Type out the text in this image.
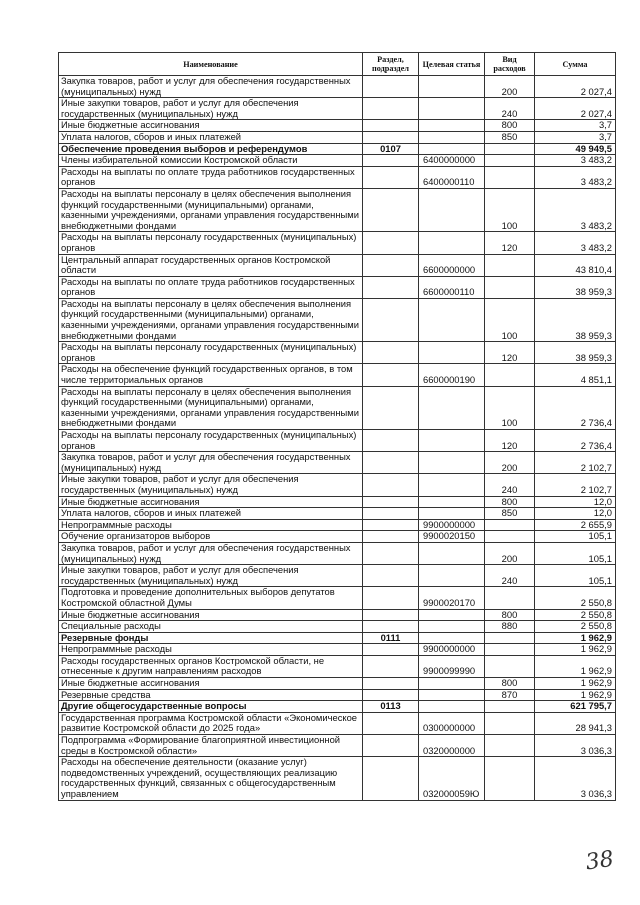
Наименование	Раздел, подраздел	Целевая статья	Вид расходов	Сумма
Закупка товаров, работ и услуг для обеспечения государственных (муниципальных) нужд			200	2 027,4
Иные закупки товаров, работ и услуг для обеспечения государственных (муниципальных) нужд			240	2 027,4
Иные бюджетные ассигнования			800	3,7
Уплата налогов, сборов и иных платежей			850	3,7
Обеспечение проведения выборов и референдумов	0107			49 949,5
Члены избирательной комиссии Костромской области		6400000000		3 483,2
Расходы на выплаты по оплате труда работников государственных органов		6400000110		3 483,2
Расходы на выплаты персоналу в целях обеспечения выполнения функций государственными (муниципальными) органами, казенными учреждениями, органами управления государственными внебюджетными фондами			100	3 483,2
Расходы на выплаты персоналу государственных (муниципальных) органов			120	3 483,2
Центральный аппарат государственных органов Костромской области		6600000000		43 810,4
Расходы на выплаты по оплате труда работников государственных органов		6600000110		38 959,3
Расходы на выплаты персоналу в целях обеспечения выполнения функций государственными (муниципальными) органами, казенными учреждениями, органами управления государственными внебюджетными фондами			100	38 959,3
Расходы на выплаты персоналу государственных (муниципальных) органов			120	38 959,3
Расходы на обеспечение функций государственных органов, в том числе территориальных органов		6600000190		4 851,1
Расходы на выплаты персоналу в целях обеспечения выполнения функций государственными (муниципальными) органами, казенными учреждениями, органами управления государственными внебюджетными фондами			100	2 736,4
Расходы на выплаты персоналу государственных (муниципальных) органов			120	2 736,4
Закупка товаров, работ и услуг для обеспечения государственных (муниципальных) нужд			200	2 102,7
Иные закупки товаров, работ и услуг для обеспечения государственных (муниципальных) нужд			240	2 102,7
Иные бюджетные ассигнования			800	12,0
Уплата налогов, сборов и иных платежей			850	12,0
Непрограммные расходы		9900000000		2 655,9
Обучение организаторов выборов		9900020150		105,1
Закупка товаров, работ и услуг для обеспечения государственных (муниципальных) нужд			200	105,1
Иные закупки товаров, работ и услуг для обеспечения государственных (муниципальных) нужд			240	105,1
Подготовка и проведение дополнительных выборов депутатов Костромской областной Думы		9900020170		2 550,8
Иные бюджетные ассигнования			800	2 550,8
Специальные расходы			880	2 550,8
Резервные фонды	0111			1 962,9
Непрограммные расходы		9900000000		1 962,9
Расходы государственных органов Костромской области, не отнесенные к другим направлениям расходов		9900099990		1 962,9
Иные бюджетные ассигнования			800	1 962,9
Резервные средства			870	1 962,9
Другие общегосударственные вопросы	0113			621 795,7
Государственная программа Костромской области «Экономическое развитие Костромской области до 2025 года»		0300000000		28 941,3
Подпрограмма «Формирование благоприятной инвестиционной среды в Костромской области»		0320000000		3 036,3
Расходы на обеспечение деятельности (оказание услуг) подведомственных учреждений, осуществляющих реализацию государственных функций, связанных с общегосударственным управлением		032000059Ю		3 036,3
38
